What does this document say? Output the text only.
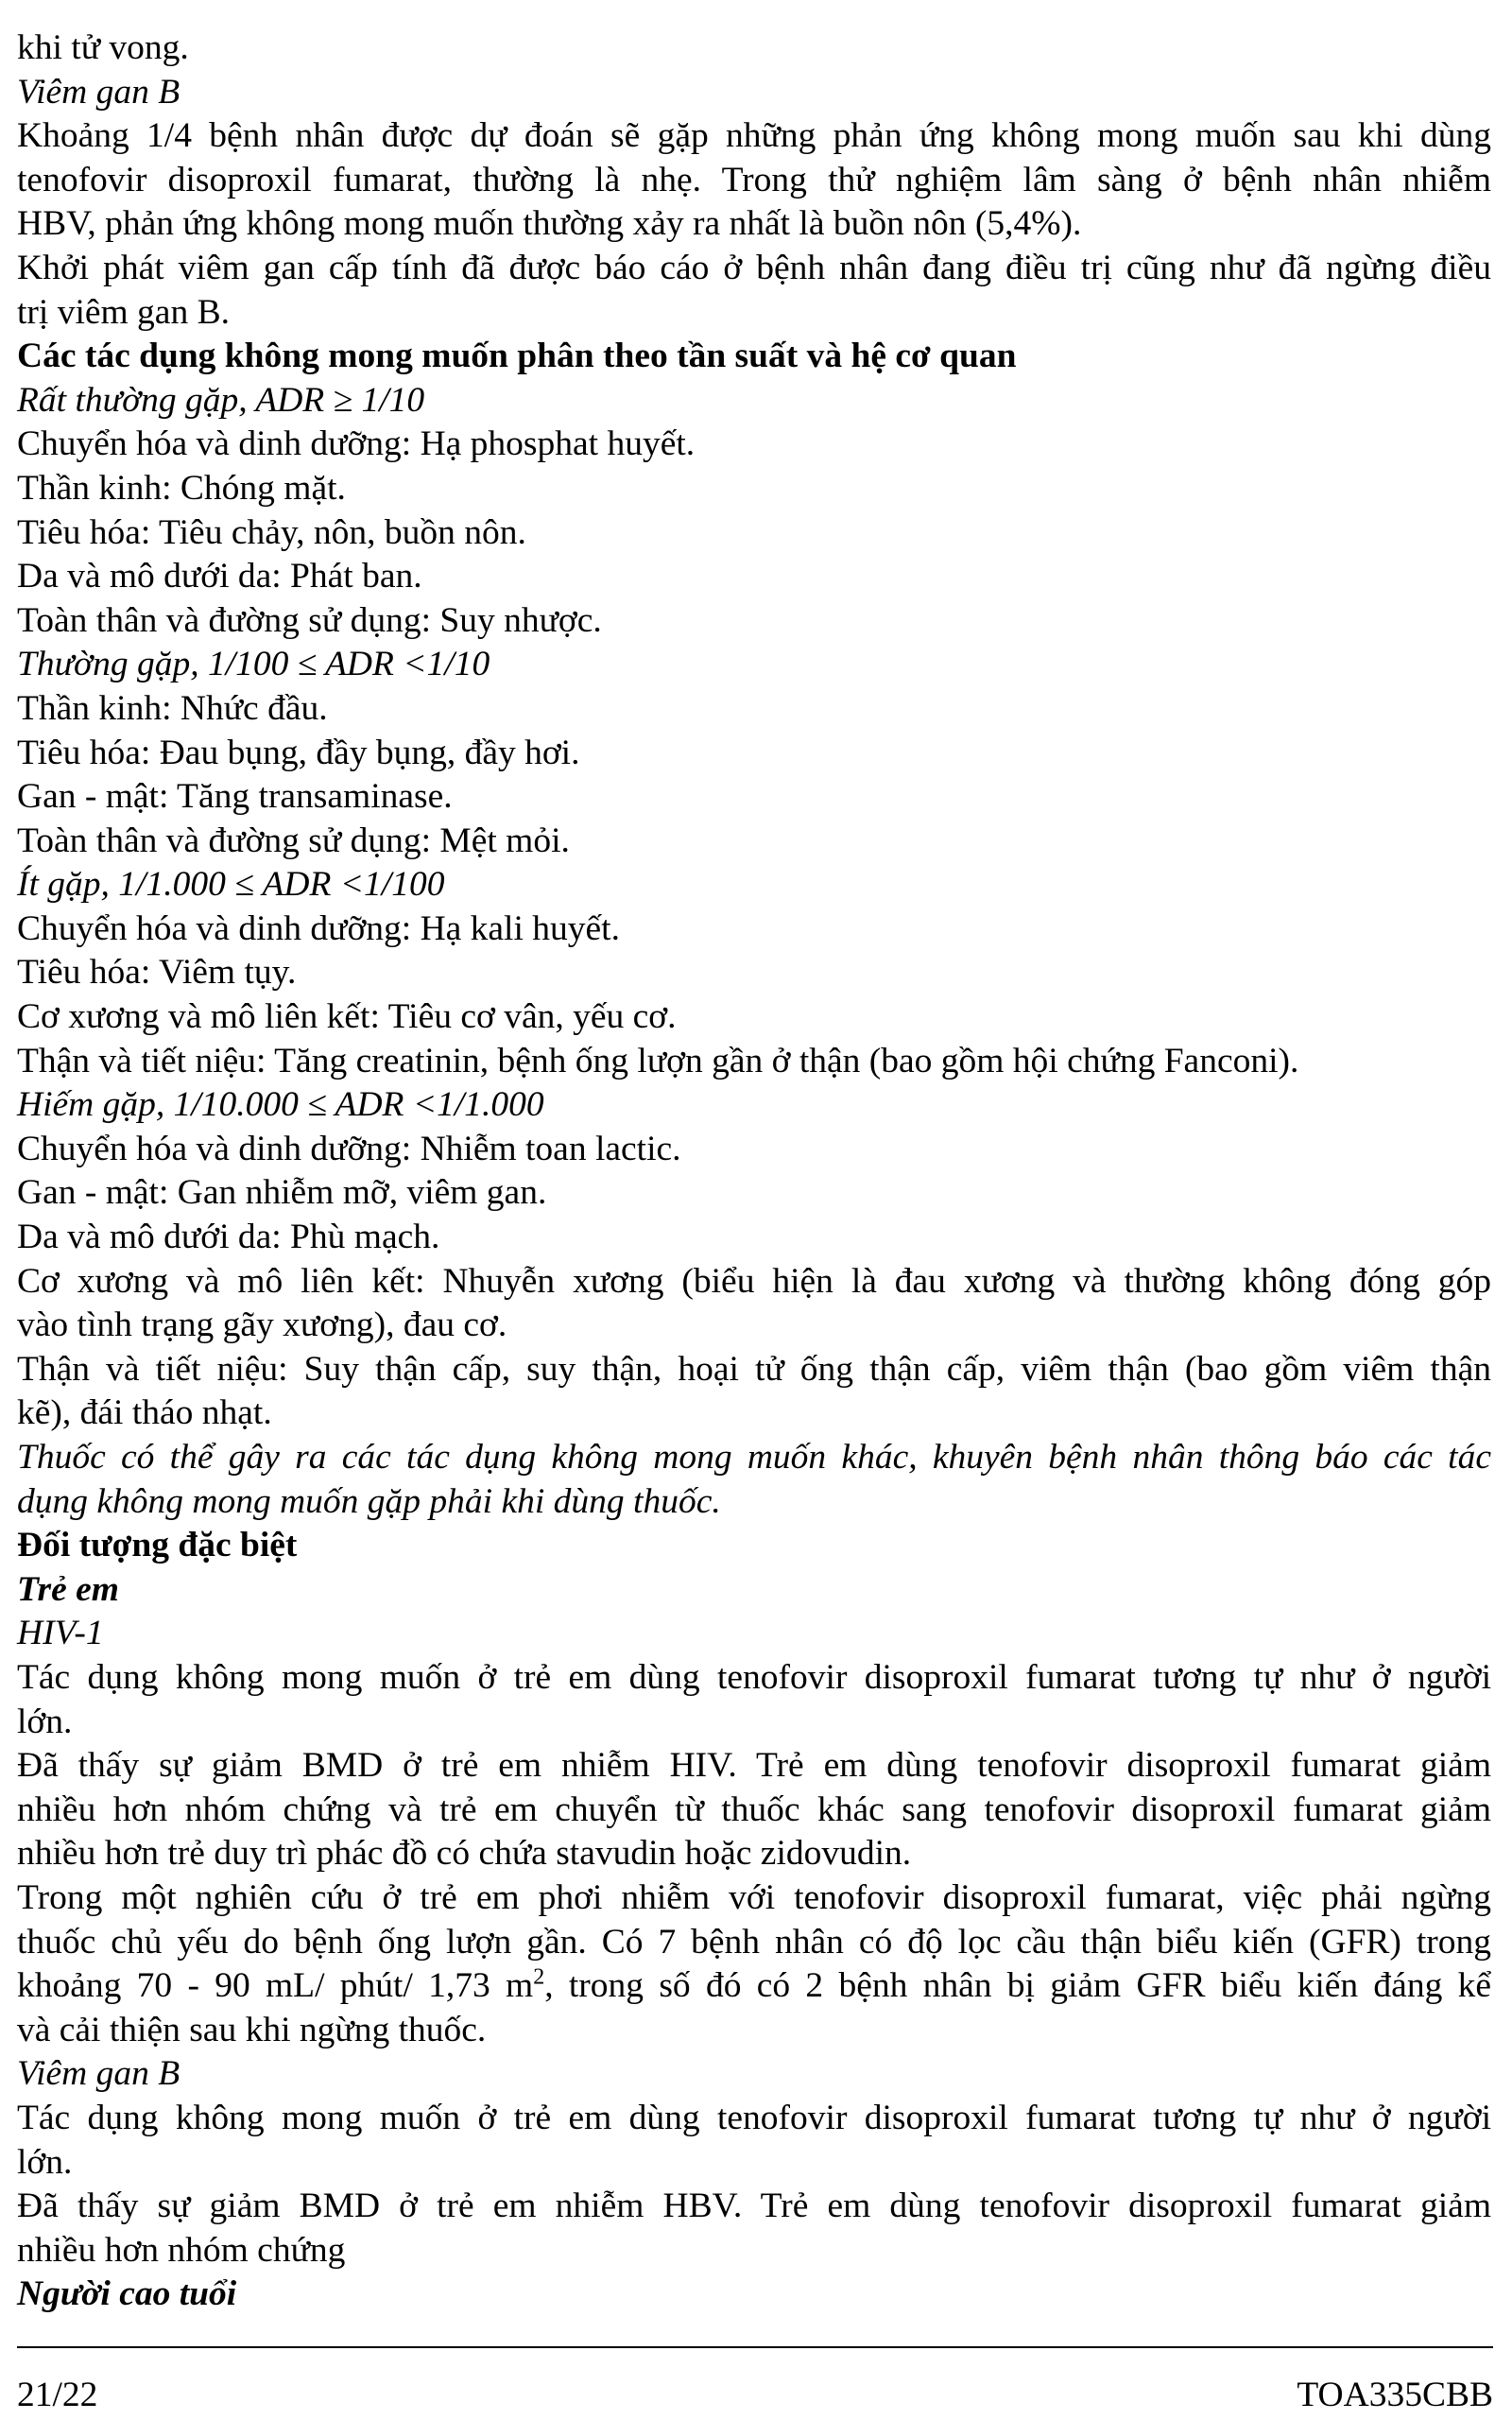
khi tử vong.
Viêm gan B
Khoảng 1/4 bệnh nhân được dự đoán sẽ gặp những phản ứng không mong muốn sau khi dùng
tenofovir disoproxil fumarat, thường là nhẹ. Trong thử nghiệm lâm sàng ở bệnh nhân nhiễm
HBV, phản ứng không mong muốn thường xảy ra nhất là buồn nôn (5,4%).
Khởi phát viêm gan cấp tính đã được báo cáo ở bệnh nhân đang điều trị cũng như đã ngừng điều
trị viêm gan B.
Các tác dụng không mong muốn phân theo tần suất và hệ cơ quan
Rất thường gặp, ADR ≥ 1/10
Chuyển hóa và dinh dưỡng: Hạ phosphat huyết.
Thần kinh: Chóng mặt.
Tiêu hóa: Tiêu chảy, nôn, buồn nôn.
Da và mô dưới da: Phát ban.
Toàn thân và đường sử dụng: Suy nhược.
Thường gặp, 1/100 ≤ ADR <1/10
Thần kinh: Nhức đầu.
Tiêu hóa: Đau bụng, đầy bụng, đầy hơi.
Gan - mật: Tăng transaminase.
Toàn thân và đường sử dụng: Mệt mỏi.
Ít gặp, 1/1.000 ≤ ADR <1/100
Chuyển hóa và dinh dưỡng: Hạ kali huyết.
Tiêu hóa: Viêm tụy.
Cơ xương và mô liên kết: Tiêu cơ vân, yếu cơ.
Thận và tiết niệu: Tăng creatinin, bệnh ống lượn gần ở thận (bao gồm hội chứng Fanconi).
Hiếm gặp, 1/10.000 ≤ ADR <1/1.000
Chuyển hóa và dinh dưỡng: Nhiễm toan lactic.
Gan - mật: Gan nhiễm mỡ, viêm gan.
Da và mô dưới da: Phù mạch.
Cơ xương và mô liên kết: Nhuyễn xương (biểu hiện là đau xương và thường không đóng góp
vào tình trạng gãy xương), đau cơ.
Thận và tiết niệu: Suy thận cấp, suy thận, hoại tử ống thận cấp, viêm thận (bao gồm viêm thận
kẽ), đái tháo nhạt.
Thuốc có thể gây ra các tác dụng không mong muốn khác, khuyên bệnh nhân thông báo các tác
dụng không mong muốn gặp phải khi dùng thuốc.
Đối tượng đặc biệt
Trẻ em
HIV-1
Tác dụng không mong muốn ở trẻ em dùng tenofovir disoproxil fumarat tương tự như ở người
lớn.
Đã thấy sự giảm BMD ở trẻ em nhiễm HIV. Trẻ em dùng tenofovir disoproxil fumarat giảm
nhiều hơn nhóm chứng và trẻ em chuyển từ thuốc khác sang tenofovir disoproxil fumarat giảm
nhiều hơn trẻ duy trì phác đồ có chứa stavudin hoặc zidovudin.
Trong một nghiên cứu ở trẻ em phơi nhiễm với tenofovir disoproxil fumarat, việc phải ngừng
thuốc chủ yếu do bệnh ống lượn gần. Có 7 bệnh nhân có độ lọc cầu thận biểu kiến (GFR) trong
khoảng 70 - 90 mL/ phút/ 1,73 $m^2$, trong số đó có 2 bệnh nhân bị giảm GFR biểu kiến đáng kể
và cải thiện sau khi ngừng thuốc.
Viêm gan B
Tác dụng không mong muốn ở trẻ em dùng tenofovir disoproxil fumarat tương tự như ở người
lớn.
Đã thấy sự giảm BMD ở trẻ em nhiễm HBV. Trẻ em dùng tenofovir disoproxil fumarat giảm
nhiều hơn nhóm chứng
Người cao tuổi
21/22	TOA335CBB
